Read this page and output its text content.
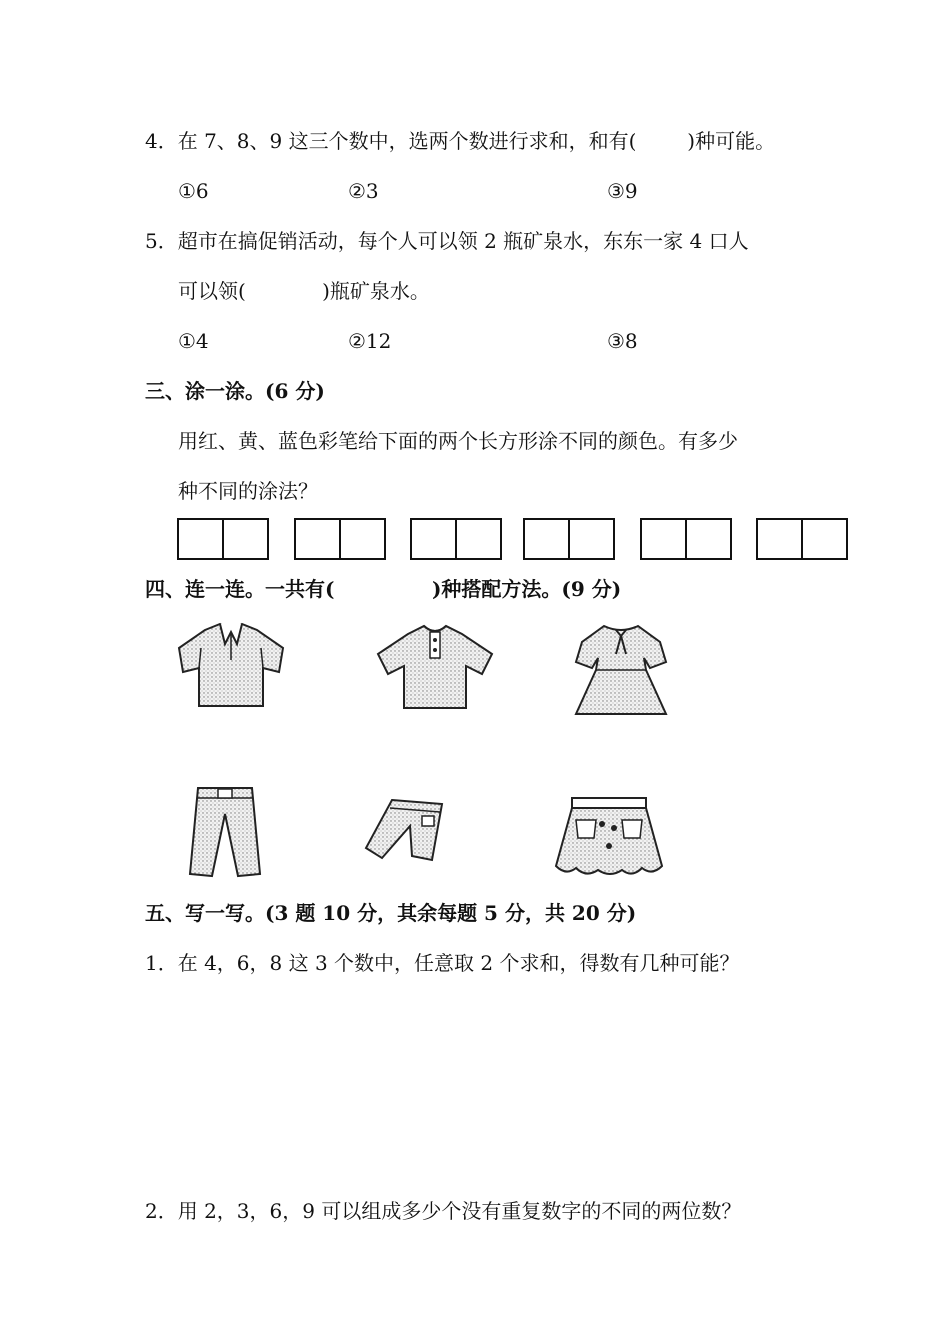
4．在 7、8、9 这三个数中，选两个数进行求和，和有(        )种可能。
①6	②3	③9
5．超市在搞促销活动，每个人可以领 2 瓶矿泉水，东东一家 4 口人
可以领(            )瓶矿泉水。
①4	②12	③8
三、涂一涂。(6 分)
用红、黄、蓝色彩笔给下面的两个长方形涂不同的颜色。有多少
种不同的涂法？
四、连一连。一共有(              )种搭配方法。(9 分)
五、写一写。(3 题 10 分，其余每题 5 分，共 20 分)
1．在 4，6，8 这 3 个数中，任意取 2 个求和，得数有几种可能？
2．用 2，3，6，9 可以组成多少个没有重复数字的不同的两位数？
